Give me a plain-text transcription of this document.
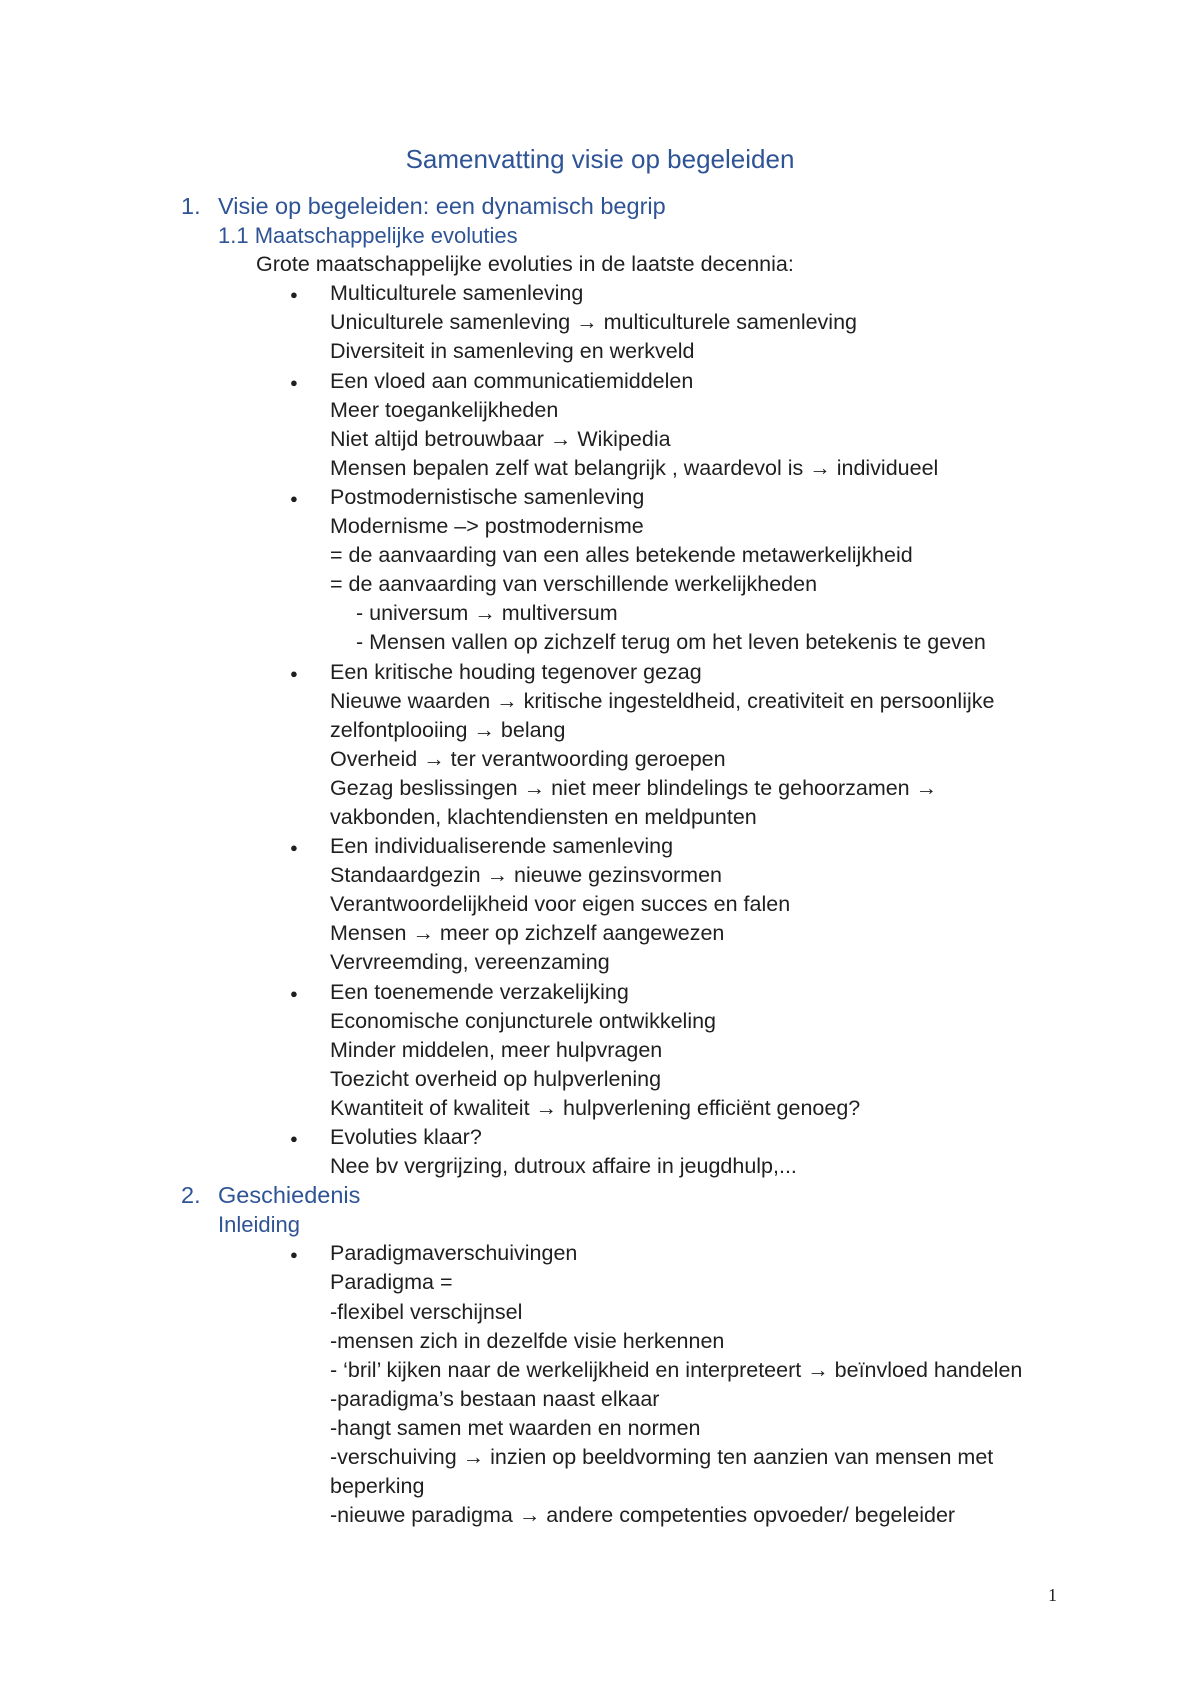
Samenvatting visie op begeleiden
1. Visie op begeleiden: een dynamisch begrip
1.1 Maatschappelijke evoluties
Grote maatschappelijke evoluties in de laatste decennia:
● Multiculturele samenleving
Uniculturele samenleving → multiculturele samenleving
Diversiteit in samenleving en werkveld
● Een vloed aan communicatiemiddelen
Meer toegankelijkheden
Niet altijd betrouwbaar → Wikipedia
Mensen bepalen zelf wat belangrijk , waardevol is → individueel
● Postmodernistische samenleving
Modernisme –> postmodernisme
= de aanvaarding van een alles betekende metawerkelijkheid
= de aanvaarding van verschillende werkelijkheden
- universum → multiversum
- Mensen vallen op zichzelf terug om het leven betekenis te geven
● Een kritische houding tegenover gezag
Nieuwe waarden → kritische ingesteldheid, creativiteit en persoonlijke
zelfontplooiing → belang
Overheid → ter verantwoording geroepen
Gezag beslissingen → niet meer blindelings te gehoorzamen →
vakbonden, klachtendiensten en meldpunten
● Een individualiserende samenleving
Standaardgezin → nieuwe gezinsvormen
Verantwoordelijkheid voor eigen succes en falen
Mensen → meer op zichzelf aangewezen
Vervreemding, vereenzaming
● Een toenemende verzakelijking
Economische conjuncturele ontwikkeling
Minder middelen, meer hulpvragen
Toezicht overheid op hulpverlening
Kwantiteit of kwaliteit → hulpverlening efficiënt genoeg?
● Evoluties klaar?
Nee bv vergrijzing, dutroux affaire in jeugdhulp,...
2. Geschiedenis
Inleiding
● Paradigmaverschuivingen
Paradigma =
-flexibel verschijnsel
-mensen zich in dezelfde visie herkennen
- ‘bril’ kijken naar de werkelijkheid en interpreteert → beïnvloed handelen
-paradigma’s bestaan naast elkaar
-hangt samen met waarden en normen
-verschuiving → inzien op beeldvorming ten aanzien van mensen met
beperking
-nieuwe paradigma → andere competenties opvoeder/ begeleider
1
